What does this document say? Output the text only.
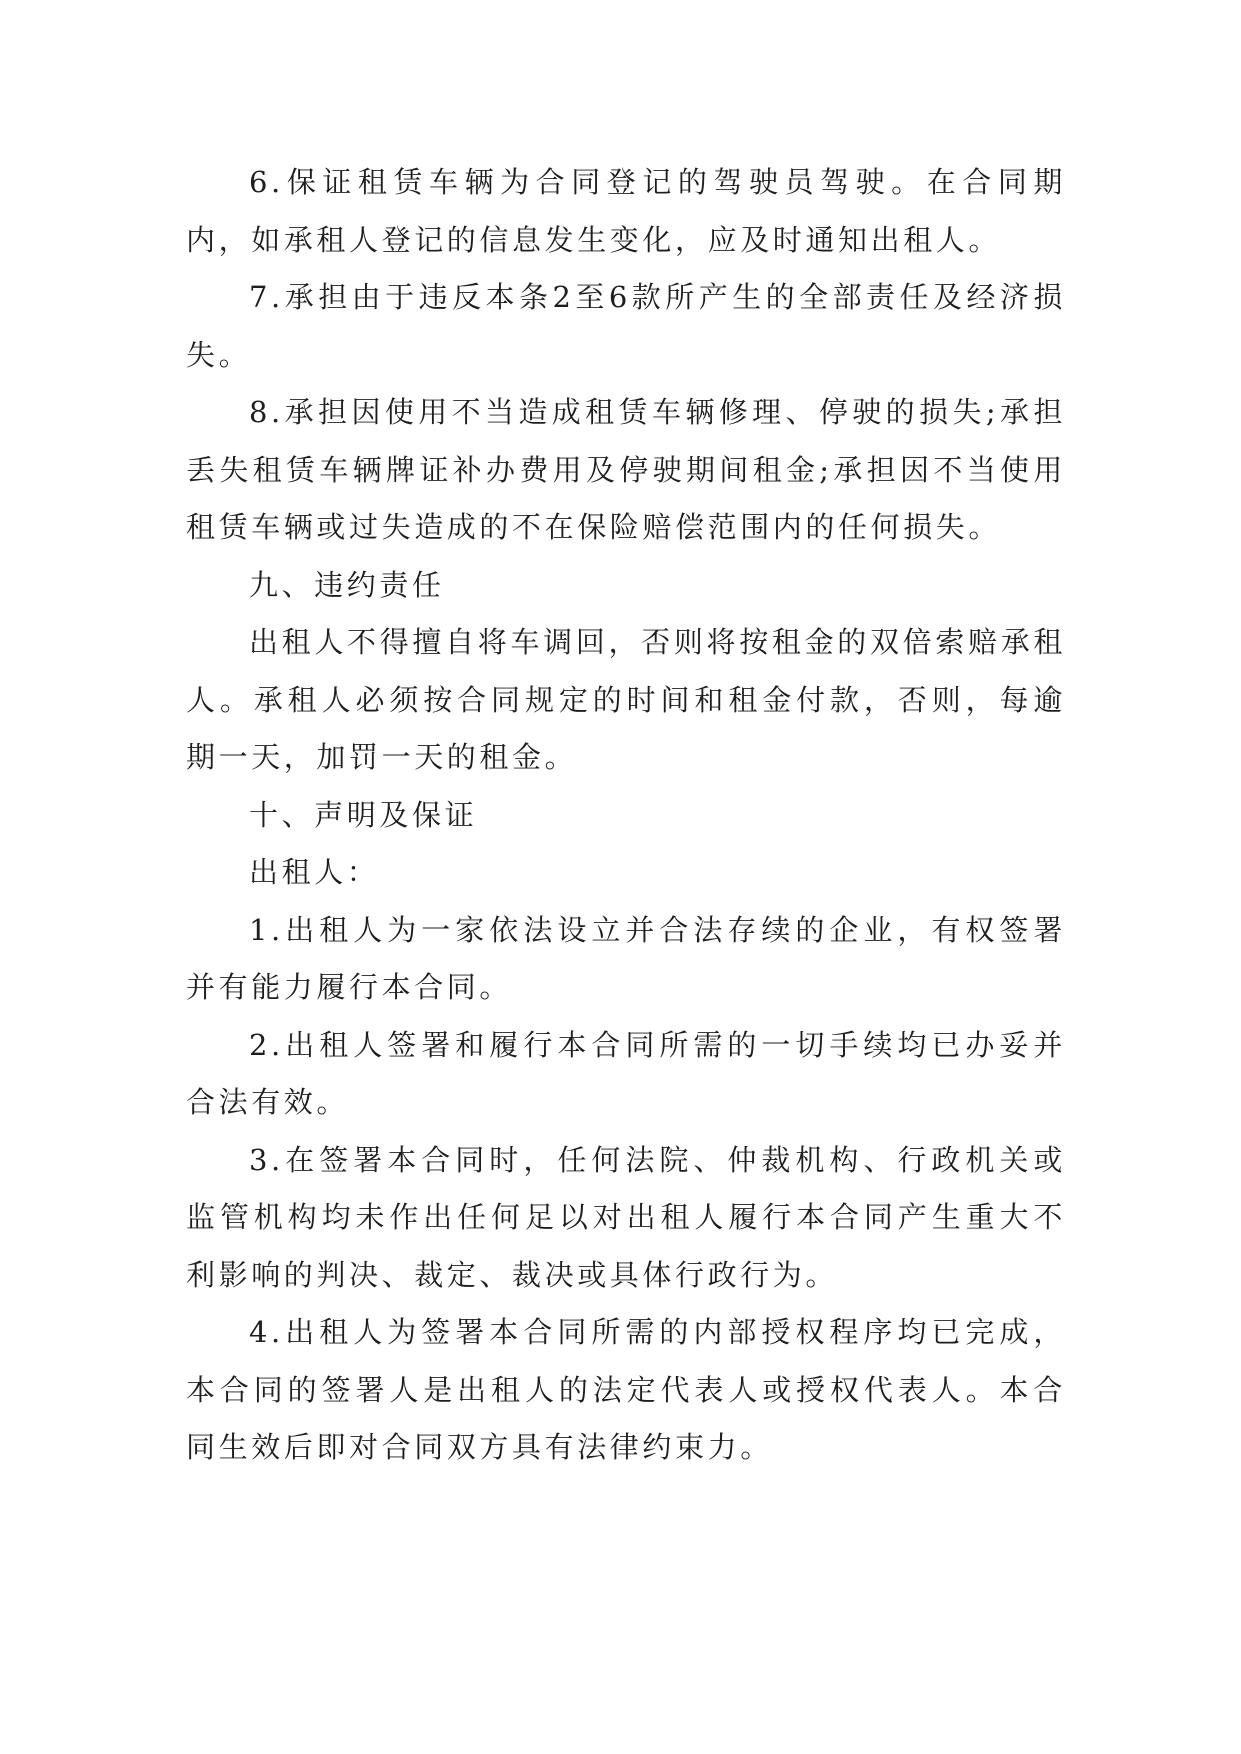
6.保证租赁车辆为合同登记的驾驶员驾驶。在合同期内，如承租人登记的信息发生变化，应及时通知出租人。

7.承担由于违反本条2至6款所产生的全部责任及经济损失。

8.承担因使用不当造成租赁车辆修理、停驶的损失;承担丢失租赁车辆牌证补办费用及停驶期间租金;承担因不当使用租赁车辆或过失造成的不在保险赔偿范围内的任何损失。

九、违约责任

出租人不得擅自将车调回，否则将按租金的双倍索赔承租人。承租人必须按合同规定的时间和租金付款，否则，每逾期一天，加罚一天的租金。

十、声明及保证

出租人：

1.出租人为一家依法设立并合法存续的企业，有权签署并有能力履行本合同。

2.出租人签署和履行本合同所需的一切手续均已办妥并合法有效。

3.在签署本合同时，任何法院、仲裁机构、行政机关或监管机构均未作出任何足以对出租人履行本合同产生重大不利影响的判决、裁定、裁决或具体行政行为。

4.出租人为签署本合同所需的内部授权程序均已完成，本合同的签署人是出租人的法定代表人或授权代表人。本合同生效后即对合同双方具有法律约束力。
